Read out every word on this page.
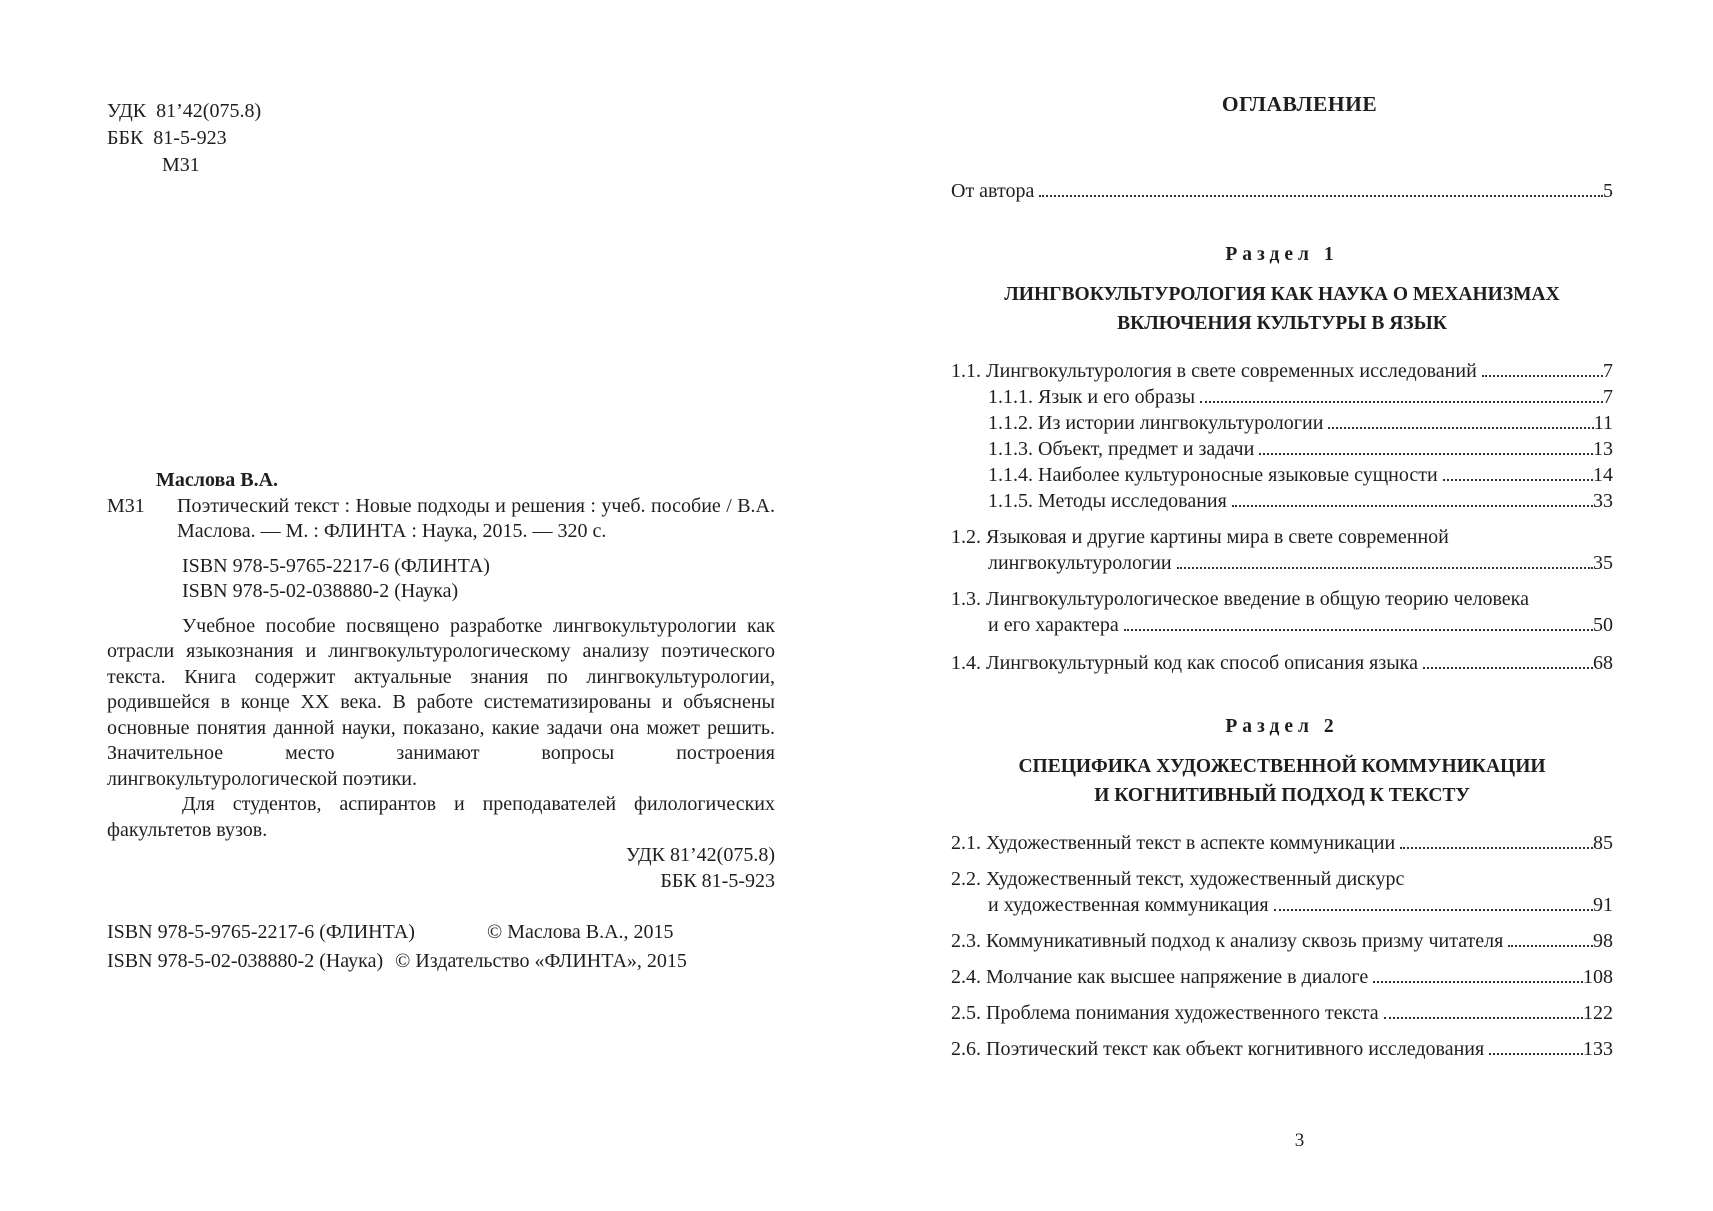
УДК  81’42(075.8)
ББК  81-5-923
М31
Маслова В.А.
М31	Поэтический текст : Новые подходы и решения : учеб. пособие / В.А. Маслова. — М. : ФЛИНТА : Наука, 2015. — 320 с.
ISBN 978-5-9765-2217-6 (ФЛИНТА)
ISBN 978-5-02-038880-2 (Наука)

Учебное пособие посвящено разработке лингвокультурологии как отрасли языкознания и лингвокультурологическому анализу поэтического текста. Книга содержит актуальные знания по лингвокультурологии, родившейся в конце XX века. В работе систематизированы и объяснены основные понятия данной науки, показано, какие задачи она может решить. Значительное место занимают вопросы построения лингвокультурологической поэтики.

Для студентов, аспирантов и преподавателей филологических факультетов вузов.

УДК 81’42(075.8)
ББК 81-5-923
ISBN 978-5-9765-2217-6 (ФЛИНТА)	© Маслова В.А., 2015
ISBN 978-5-02-038880-2 (Наука) © Издательство «ФЛИНТА», 2015
ОГЛАВЛЕНИЕ
От автора	5
Раздел 1
ЛИНГВОКУЛЬТУРОЛОГИЯ КАК НАУКА О МЕХАНИЗМАХ
ВКЛЮЧЕНИЯ КУЛЬТУРЫ В ЯЗЫК
1.1. Лингвокультурология в свете современных исследований	7
1.1.1. Язык и его образы	7
1.1.2. Из истории лингвокультурологии	11
1.1.3. Объект, предмет и задачи	13
1.1.4. Наиболее культуроносные языковые сущности	14
1.1.5. Методы исследования	33
1.2. Языковая и другие картины мира в свете современной
лингвокультурологии	35
1.3. Лингвокультурологическое введение в общую теорию человека
и его характера	50
1.4. Лингвокультурный код как способ описания языка	68
Раздел 2
СПЕЦИФИКА ХУДОЖЕСТВЕННОЙ КОММУНИКАЦИИ
И КОГНИТИВНЫЙ ПОДХОД К ТЕКСТУ
2.1. Художественный текст в аспекте коммуникации	85
2.2. Художественный текст, художественный дискурс
и художественная коммуникация	91
2.3. Коммуникативный подход к анализу сквозь призму читателя	98
2.4. Молчание как высшее напряжение в диалоге	108
2.5. Проблема понимания художественного текста	122
2.6. Поэтический текст как объект когнитивного исследования	133
3
